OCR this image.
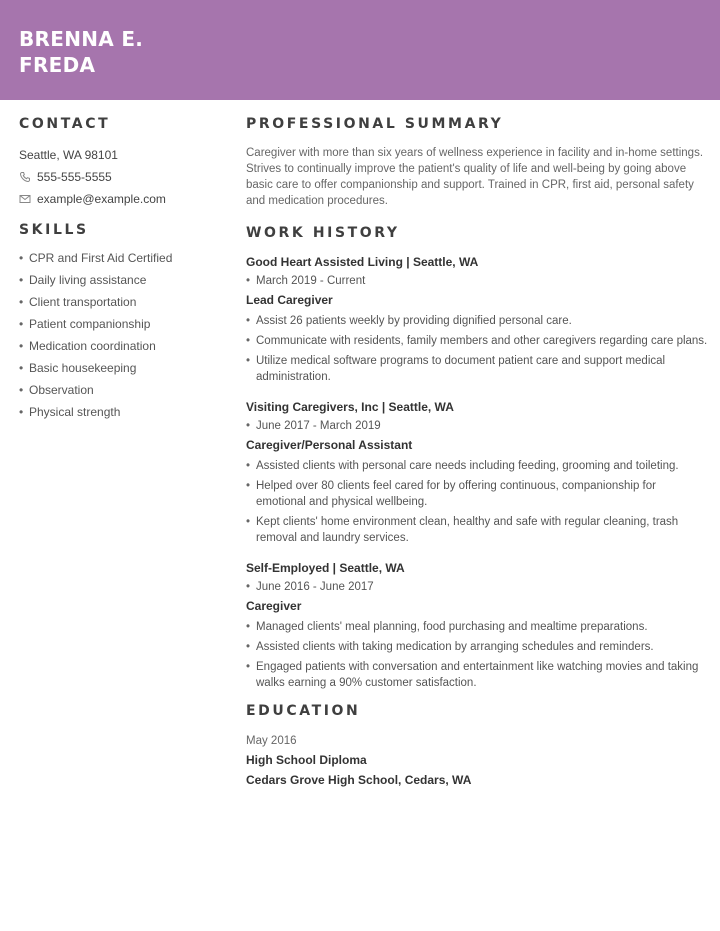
BRENNA E.
FREDA
CONTACT
Seattle, WA 98101
555-555-5555
example@example.com
SKILLS
• CPR and First Aid Certified
• Daily living assistance
• Client transportation
• Patient companionship
• Medication coordination
• Basic housekeeping
• Observation
• Physical strength
PROFESSIONAL SUMMARY

Caregiver with more than six years of wellness experience in facility and in-home settings. Strives to continually improve the patient's quality of life and well-being by going above basic care to offer companionship and support. Trained in CPR, first aid, personal safety and medication procedures.

WORK HISTORY
Good Heart Assisted Living | Seattle, WA
• March 2019 - Current
Lead Caregiver
• Assist 26 patients weekly by providing dignified personal care.
• Communicate with residents, family members and other caregivers regarding care plans.
• Utilize medical software programs to document patient care and support medical administration.
Visiting Caregivers, Inc | Seattle, WA
• June 2017 - March 2019
Caregiver/Personal Assistant
• Assisted clients with personal care needs including feeding, grooming and toileting.
• Helped over 80 clients feel cared for by offering continuous, companionship for emotional and physical wellbeing.
• Kept clients' home environment clean, healthy and safe with regular cleaning, trash removal and laundry services.
Self-Employed | Seattle, WA
• June 2016 - June 2017
Caregiver
• Managed clients' meal planning, food purchasing and mealtime preparations.
• Assisted clients with taking medication by arranging schedules and reminders.
• Engaged patients with conversation and entertainment like watching movies and taking walks earning a 90% customer satisfaction.
EDUCATION
May 2016
High School Diploma
Cedars Grove High School, Cedars, WA
